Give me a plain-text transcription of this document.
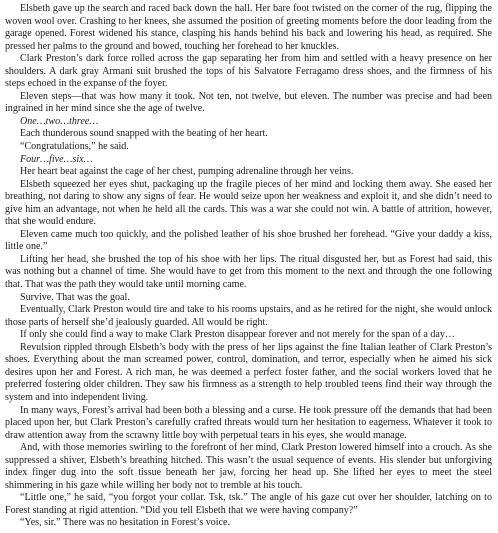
Elsbeth gave up the search and raced back down the hall. Her bare foot twisted on the corner of the rug, flipping the woven wool over. Crashing to her knees, she assumed the position of greeting moments before the door leading from the garage opened. Forest widened his stance, clasping his hands behind his back and lowering his head, as required. She pressed her palms to the ground and bowed, touching her forehead to her knuckles.

Clark Preston’s dark force rolled across the gap separating her from him and settled with a heavy presence on her shoulders. A dark gray Armani suit brushed the tops of his Salvatore Ferragamo dress shoes, and the firmness of his steps echoed in the expanse of the foyer.

Eleven steps—that was how many it took. Not ten, not twelve, but eleven. The number was precise and had been ingrained in her mind since she the age of twelve.

One…two…three…

Each thunderous sound snapped with the beating of her heart.

“Congratulations,” he said.

Four…five…six…

Her heart beat against the cage of her chest, pumping adrenaline through her veins.

Elsbeth squeezed her eyes shut, packaging up the fragile pieces of her mind and locking them away. She eased her breathing, not daring to show any signs of fear. He would seize upon her weakness and exploit it, and she didn’t need to give him an advantage, not when he held all the cards. This was a war she could not win. A battle of attrition, however, that she would endure.

Eleven came much too quickly, and the polished leather of his shoe brushed her forehead. “Give your daddy a kiss, little one.”

Lifting her head, she brushed the top of his shoe with her lips. The ritual disgusted her, but as Forest had said, this was nothing but a channel of time. She would have to get from this moment to the next and through the one following that. That was the path they would take until morning came.

Survive. That was the goal.

Eventually, Clark Preston would tire and take to his rooms upstairs, and as he retired for the night, she would unlock those parts of herself she’d jealously guarded. All would be right.

If only she could find a way to make Clark Preston disappear forever and not merely for the span of a day…

Revulsion rippled through Elsbeth’s body with the press of her lips against the fine Italian leather of Clark Preston’s shoes. Everything about the man screamed power, control, domination, and terror, especially when he aimed his sick desires upon her and Forest. A rich man, he was deemed a perfect foster father, and the social workers loved that he preferred fostering older children. They saw his firmness as a strength to help troubled teens find their way through the system and into independent living.

In many ways, Forest’s arrival had been both a blessing and a curse. He took pressure off the demands that had been placed upon her, but Clark Preston’s carefully crafted threats would turn her hesitation to eagerness. Whatever it took to draw attention away from the scrawny little boy with perpetual tears in his eyes, she would manage.

And, with those memories swirling to the forefront of her mind, Clark Preston lowered himself into a crouch. As she suppressed a shiver, Elsbeth’s breathing hitched. This wasn’t the usual sequence of events. His slender but unforgiving index finger dug into the soft tissue beneath her jaw, forcing her head up. She lifted her eyes to meet the steel shimmering in his gaze while willing her body not to tremble at his touch.

“Little one,” he said, “you forgot your collar. Tsk, tsk.” The angle of his gaze cut over her shoulder, latching on to Forest standing at rigid attention. “Did you tell Elsbeth that we were having company?”

“Yes, sir.” There was no hesitation in Forest’s voice.
